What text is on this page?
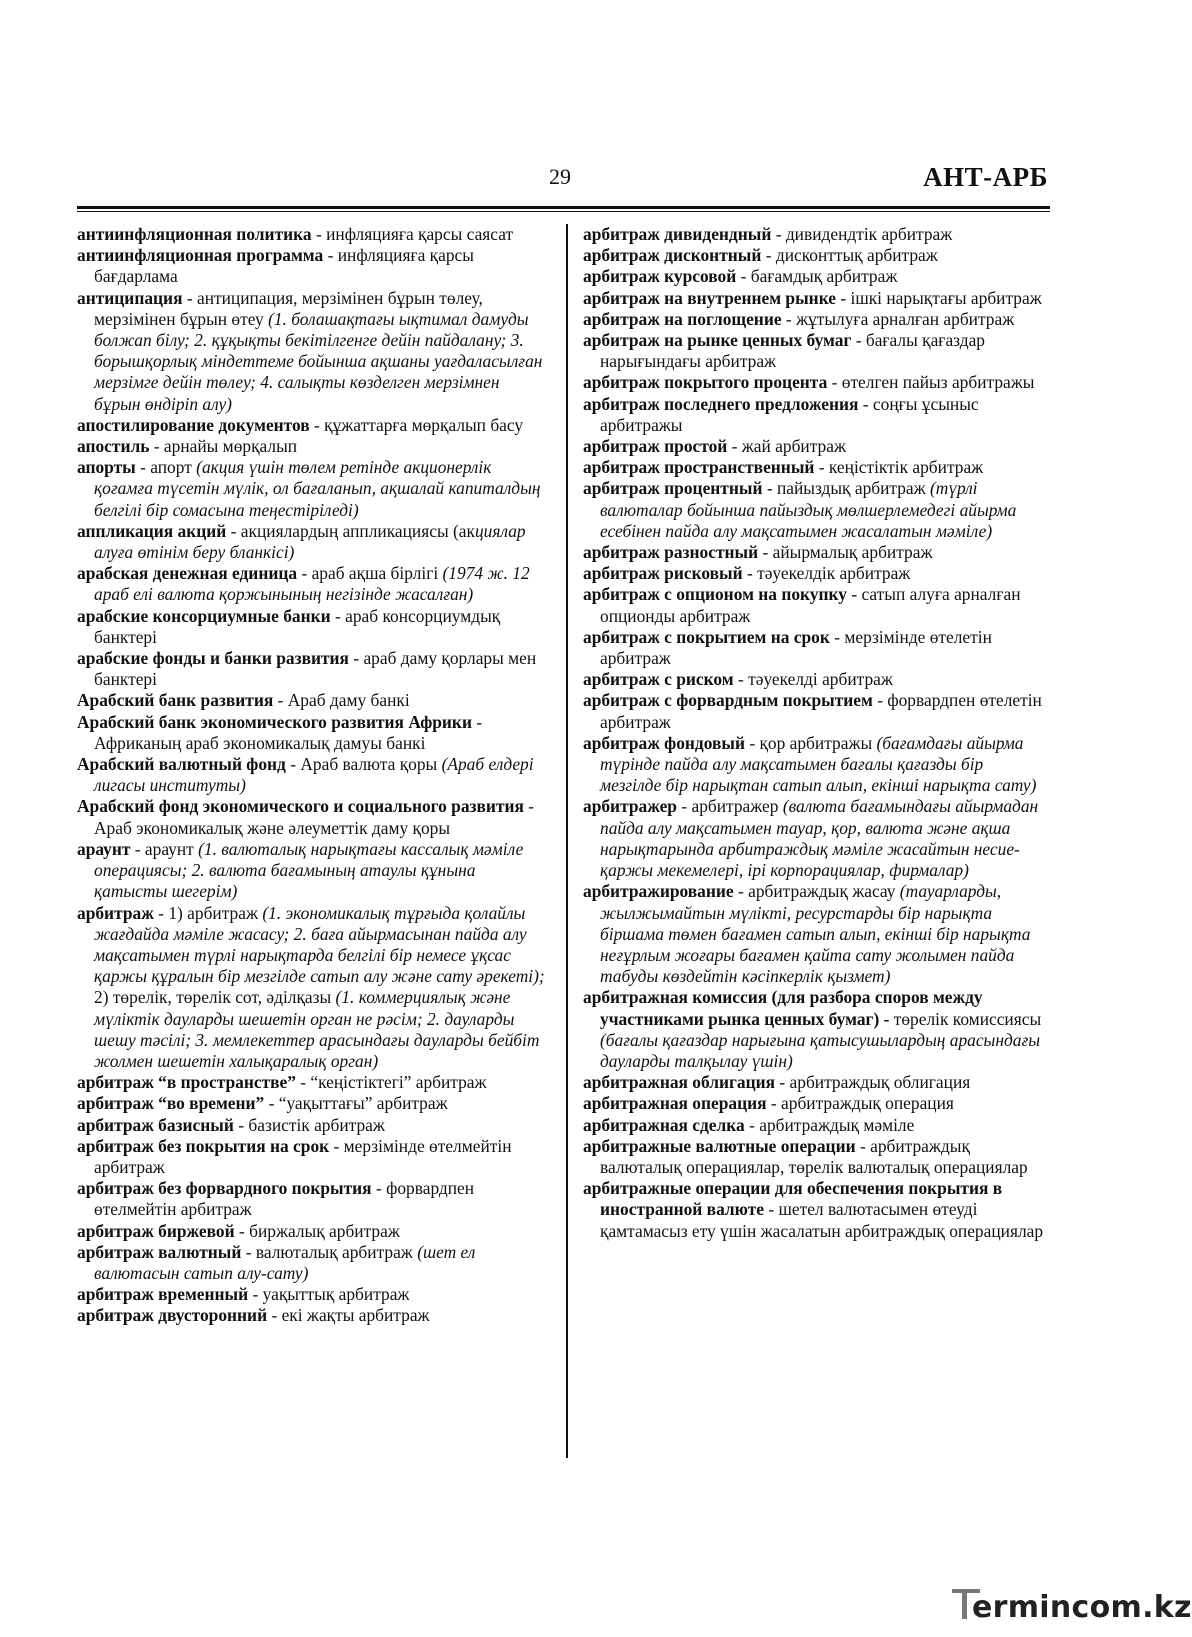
29	АНТ-АРБ

антиинфляционная политика - инфляцияға қарсы саясат

антиинфляционная программа - инфляцияға қарсы бағдарлама

антиципация - антиципация, мерзімінен бұрын төлеу, мерзімінен бұрын өтеу (1. болашақтағы ықтимал дамуды болжап білу; 2. құқықты бекітілгенге дейін пайдалану; 3. борышқорлық міндеттеме бойынша ақшаны уағдаласылған мерзімге дейін төлеу; 4. салықты көзделген мерзімнен бұрын өндіріп алу)

апостилирование документов - құжаттарға мөрқалып басу

апостиль - арнайы мөрқалып

апорты - апорт (акция үшін төлем ретінде акционерлік қоғамға түсетін мүлік, ол бағаланып, ақшалай капиталдың белгілі бір сомасына теңестіріледі)

аппликация акций - акциялардың аппликациясы (акциялар алуға өтінім беру бланкісі)

арабская денежная единица - араб ақша бірлігі (1974 ж. 12 араб елі валюта қоржынының негізінде жасалған)

арабские консорциумные банки - араб консорциумдық банктері

арабские фонды и банки развития - араб даму қорлары мен банктері

Арабский банк развития - Араб даму банкі

Арабский банк экономического развития Африки - Африканың араб экономикалық дамуы банкі

Арабский валютный фонд - Араб валюта қоры (Араб елдері лигасы институты)

Арабский фонд экономического и социального развития - Араб экономикалық және әлеуметтік даму қоры

араунт - араунт (1. валюталық нарықтағы кассалық мәміле операциясы; 2. валюта бағамының атаулы құнына қатысты шегерім)

арбитраж - 1) арбитраж (1. экономикалық тұрғыда қолайлы жағдайда мәміле жасасу; 2. баға айырмасынан пайда алу мақсатымен түрлі нарықтарда белгілі бір немесе ұқсас қаржы құралын бір мезгілде сатып алу және сату әрекеті); 2) төрелік, төрелік сот, әділқазы (1. коммерциялық және мүліктік дауларды шешетін орган не рәсім; 2. дауларды шешу тәсілі; 3. мемлекеттер арасындағы дауларды бейбіт жолмен шешетін халықаралық орган)

арбитраж “в пространстве” - “кеңістіктегі” арбитраж

арбитраж “во времени” - “уақыттағы” арбитраж

арбитраж базисный - базистік арбитраж

арбитраж без покрытия на срок - мерзімінде өтелмейтін арбитраж

арбитраж без форвардного покрытия - форвардпен өтелмейтін арбитраж

арбитраж биржевой - биржалық арбитраж

арбитраж валютный - валюталық арбитраж (шет ел валютасын сатып алу-сату)

арбитраж временный - уақыттық арбитраж

арбитраж двусторонний - екі жақты арбитраж

арбитраж дивидендный - дивидендтік арбитраж

арбитраж дисконтный - дисконттық арбитраж

арбитраж курсовой - бағамдық арбитраж

арбитраж на внутреннем рынке - ішкі нарықтағы арбитраж

арбитраж на поглощение - жұтылуға арналған арбитраж

арбитраж на рынке ценных бумаг - бағалы қағаздар нарығындағы арбитраж

арбитраж покрытого процента - өтелген пайыз арбитражы

арбитраж последнего предложения - соңғы ұсыныс арбитражы

арбитраж простой - жай арбитраж

арбитраж пространственный - кеңістіктік арбитраж

арбитраж процентный - пайыздық арбитраж (түрлі валюталар бойынша пайыздық мөлшерлемедегі айырма есебінен пайда алу мақсатымен жасалатын мәміле)

арбитраж разностный - айырмалық арбитраж

арбитраж рисковый - тәуекелдік арбитраж

арбитраж с опционом на покупку - сатып алуға арналған опционды арбитраж

арбитраж с покрытием на срок - мерзімінде өтелетін арбитраж

арбитраж с риском - тәуекелді арбитраж

арбитраж с форвардным покрытием - форвардпен өтелетін арбитраж

арбитраж фондовый - қор арбитражы (бағамдағы айырма түрінде пайда алу мақсатымен бағалы қағазды бір мезгілде бір нарықтан сатып алып, екінші нарықта сату)

арбитражер - арбитражер (валюта бағамындағы айырмадан пайда алу мақсатымен тауар, қор, валюта және ақша нарықтарында арбитраждық мәміле жасайтын несие-қаржы мекемелері, ірі корпорациялар, фирмалар)

арбитражирование - арбитраждық жасау (тауарларды, жылжымайтын мүлікті, ресурстарды бір нарықта біршама төмен бағамен сатып алып, екінші бір нарықта неғұрлым жоғары бағамен қайта сату жолымен пайда табуды көздейтін кәсіпкерлік қызмет)

арбитражная комиссия (для разбора споров между участниками рынка ценных бумаг) - төрелік комиссиясы (бағалы қағаздар нарығына қатысушылардың арасындағы дауларды талқылау үшін)

арбитражная облигация - арбитраждық облигация

арбитражная операция - арбитраждық операция

арбитражная сделка - арбитраждық мәміле

арбитражные валютные операции - арбитраждық валюталық операциялар, төрелік валюталық операциялар

арбитражные операции для обеспечения покрытия в иностранной валюте - шетел валютасымен өтеуді қамтамасыз ету үшін жасалатын арбитраждық операциялар

ermincom.kz
